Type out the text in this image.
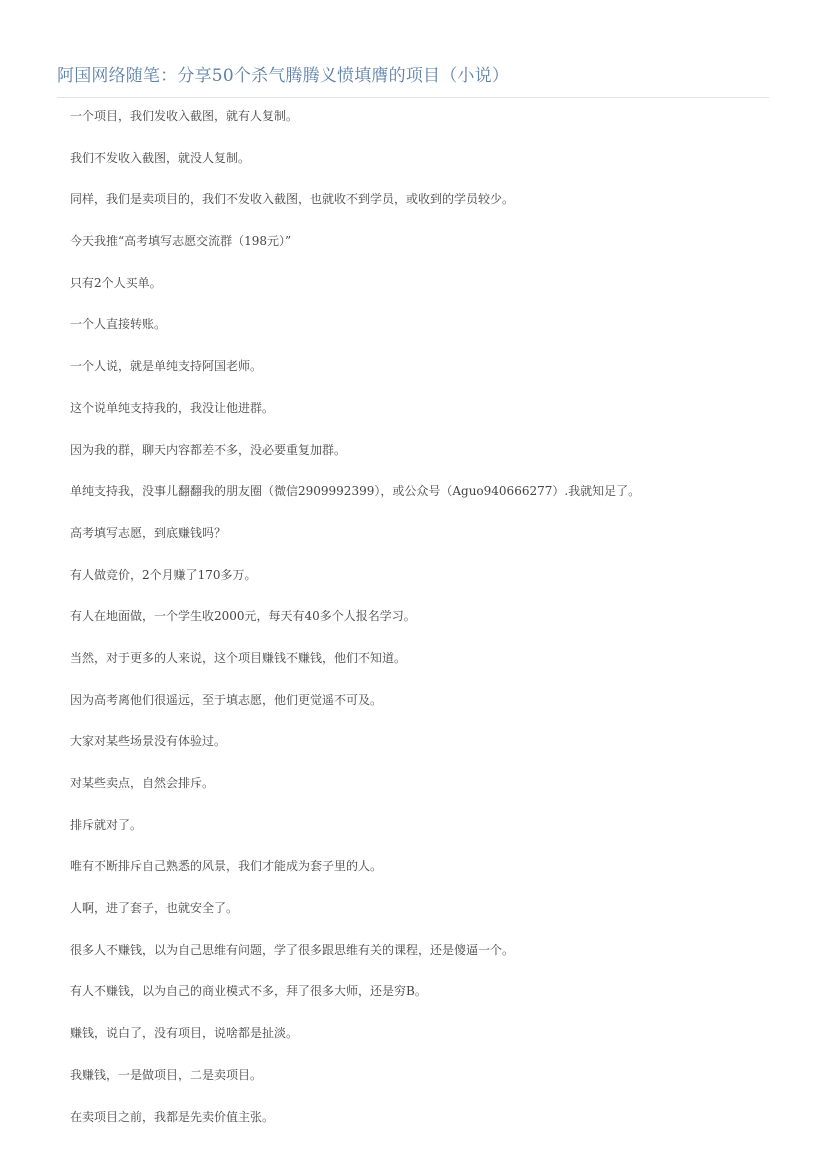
阿国网络随笔：分享50个杀气腾腾义愤填膺的项目（小说）

一个项目，我们发收入截图，就有人复制。

我们不发收入截图，就没人复制。

同样，我们是卖项目的，我们不发收入截图，也就收不到学员，或收到的学员较少。

今天我推“高考填写志愿交流群（198元）”

只有2个人买单。

一个人直接转账。

一个人说，就是单纯支持阿国老师。

这个说单纯支持我的，我没让他进群。

因为我的群，聊天内容都差不多，没必要重复加群。

单纯支持我，没事儿翻翻我的朋友圈（微信2909992399），或公众号（Aguo940666277）.我就知足了。

高考填写志愿，到底赚钱吗？

有人做竞价，2个月赚了170多万。

有人在地面做，一个学生收2000元，每天有40多个人报名学习。

当然，对于更多的人来说，这个项目赚钱不赚钱，他们不知道。

因为高考离他们很遥远，至于填志愿，他们更觉遥不可及。

大家对某些场景没有体验过。

对某些卖点，自然会排斥。

排斥就对了。

唯有不断排斥自己熟悉的风景，我们才能成为套子里的人。

人啊，进了套子，也就安全了。

很多人不赚钱，以为自己思维有问题，学了很多跟思维有关的课程，还是傻逼一个。

有人不赚钱，以为自己的商业模式不多，拜了很多大师，还是穷B。

赚钱，说白了，没有项目，说啥都是扯淡。

我赚钱，一是做项目，二是卖项目。

在卖项目之前，我都是先卖价值主张。
